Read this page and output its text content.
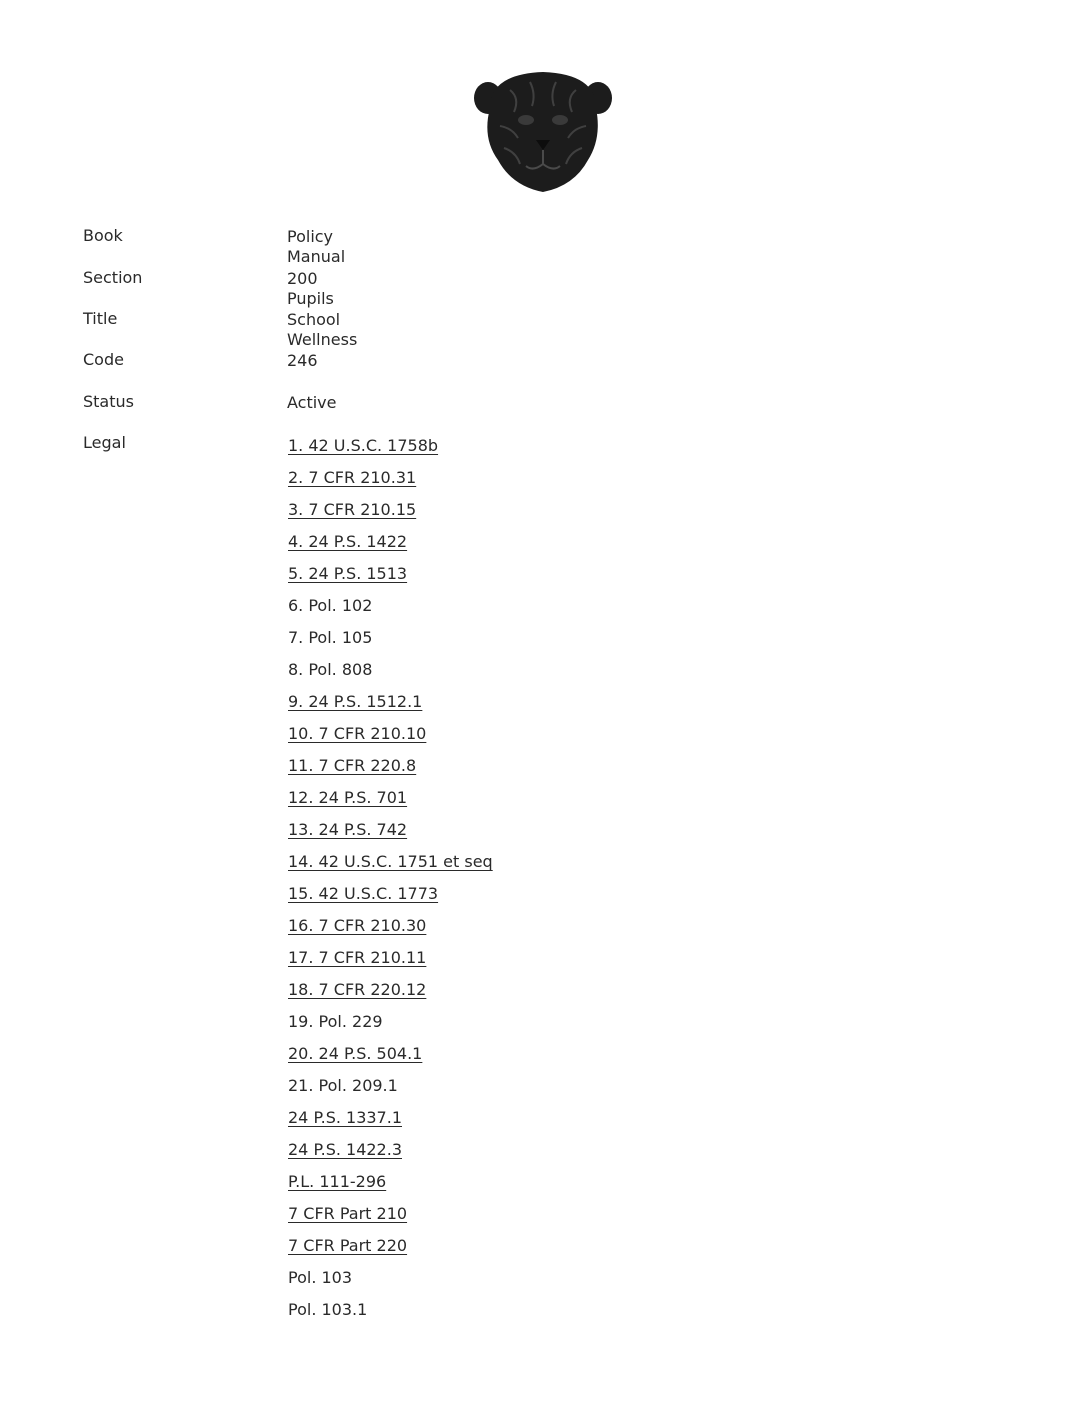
Book	Policy Manual
Section	200 Pupils
Title	School Wellness
Code	246
Status	Active
Legal	1. 42 U.S.C. 1758b
2. 7 CFR 210.31
3. 7 CFR 210.15
4. 24 P.S. 1422
5. 24 P.S. 1513
6. Pol. 102
7. Pol. 105
8. Pol. 808
9. 24 P.S. 1512.1
10. 7 CFR 210.10
11. 7 CFR 220.8
12. 24 P.S. 701
13. 24 P.S. 742
14. 42 U.S.C. 1751 et seq
15. 42 U.S.C. 1773
16. 7 CFR 210.30
17. 7 CFR 210.11
18. 7 CFR 220.12
19. Pol. 229
20. 24 P.S. 504.1
21. Pol. 209.1
24 P.S. 1337.1
24 P.S. 1422.3
P.L. 111-296
7 CFR Part 210
7 CFR Part 220
Pol. 103
Pol. 103.1
